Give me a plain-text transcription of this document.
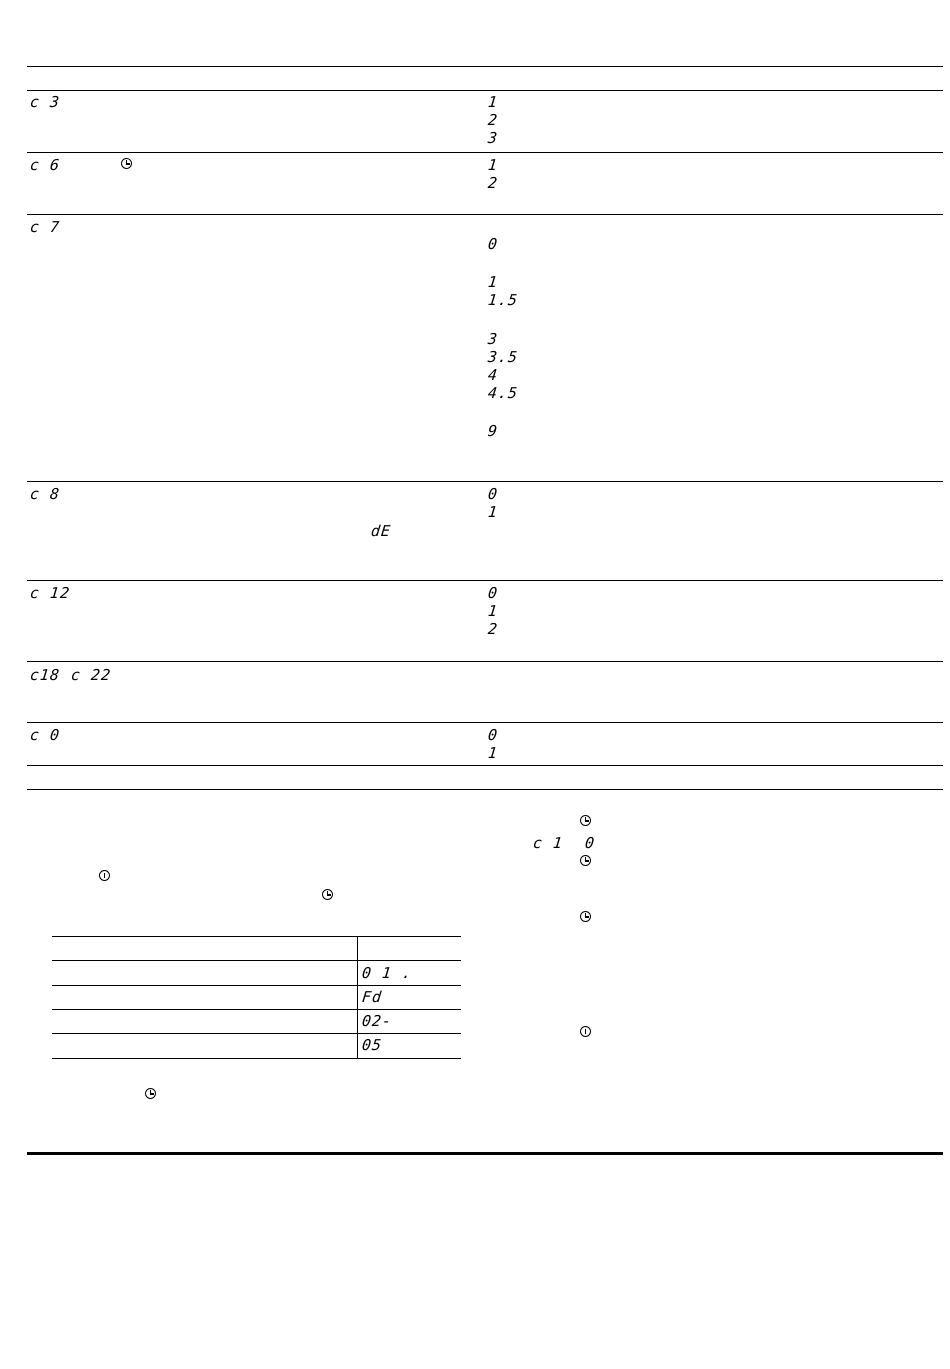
c 3	1
2
3
c 6	1
2
c 7
0
1
1.5
3
3.5
4
4.5
9
c 8	0
1
dE
c 12	0
1
2
c18 c 22
c 0	0
1
0 1 .
Fd
02-
05
c 1 0
